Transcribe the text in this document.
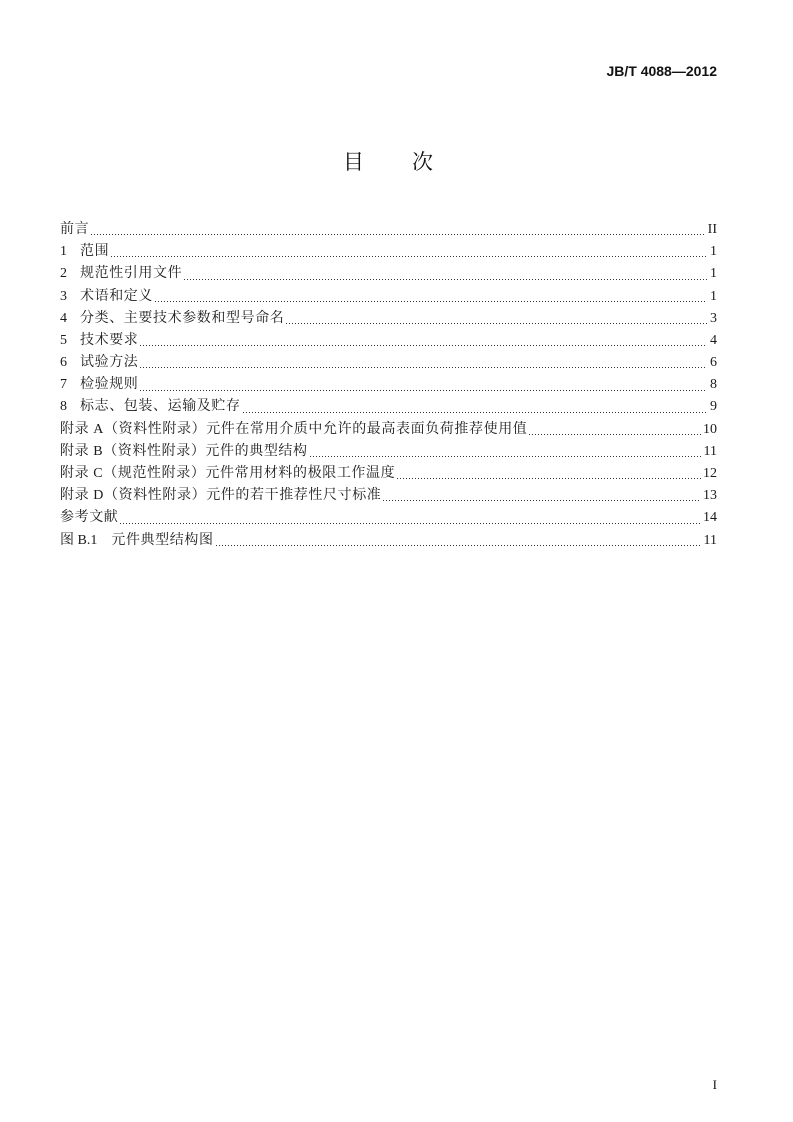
JB/T 4088—2012
目　次
前言	II
1 范围	1
2 规范性引用文件	1
3 术语和定义	1
4 分类、主要技术参数和型号命名	3
5 技术要求	4
6 试验方法	6
7 检验规则	8
8 标志、包装、运输及贮存	9
附录 A（资料性附录）元件在常用介质中允许的最高表面负荷推荐使用值	10
附录 B（资料性附录）元件的典型结构	11
附录 C（规范性附录）元件常用材料的极限工作温度	12
附录 D（资料性附录）元件的若干推荐性尺寸标准	13
参考文献	14
图 B.1 元件典型结构图	11
I
